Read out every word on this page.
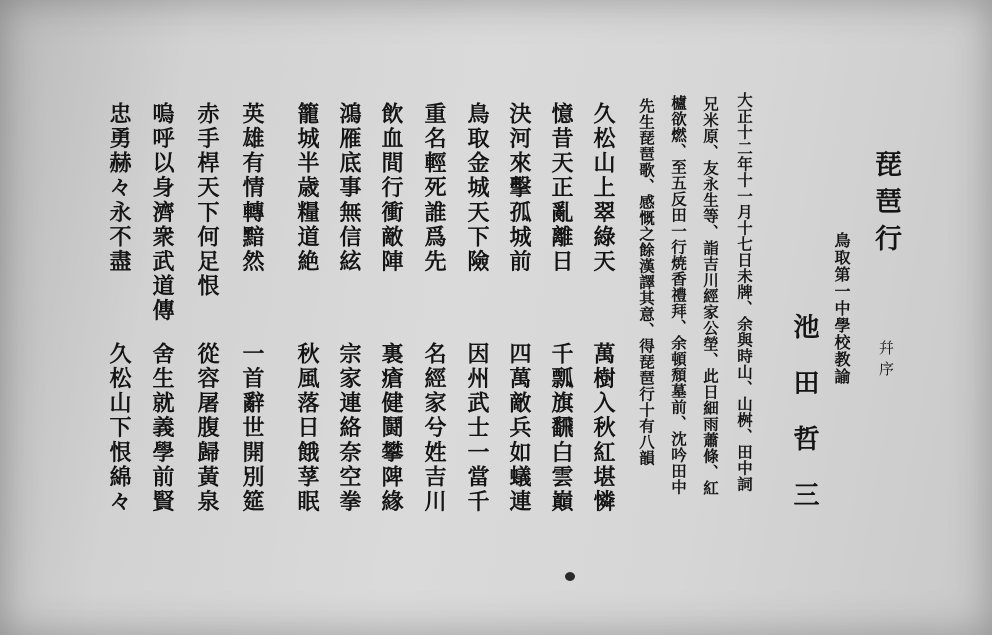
琵琶行
幷序
鳥取第一中學校教諭
池田哲三
大正十二年十一月十七日未牌、余與時山、山桝、田中詞
兄米原、友永生等、詣吉川經家公塋、此日細雨蕭條、紅
櫨欲燃、至五反田一行焼香禮拜、余頓頹墓前、沈吟田中
先生琵琶歌、感慨之餘漢譯其意、得琵琶行十有八韻
久松山上翠綠天
萬樹入秋紅堪憐
憶昔天正亂離日
千瓢旗飜白雲巔
決河來擊孤城前
四萬敵兵如蟻連
鳥取金城天下險
因州武士一當千
重名輕死誰爲先
名經家兮姓吉川
飲血間行衝敵陣
裏瘡健鬪攀陴緣
鴻雁底事無信絃
宗家連絡奈空拳
籠城半歳糧道絶
秋風落日餓莩眠
英雄有情轉黯然
一首辭世開別筵
赤手桿天下何足恨
從容屠腹歸黃泉
嗚呼以身濟衆武道傳
舍生就義學前賢
忠勇赫々永不盡
久松山下恨綿々
